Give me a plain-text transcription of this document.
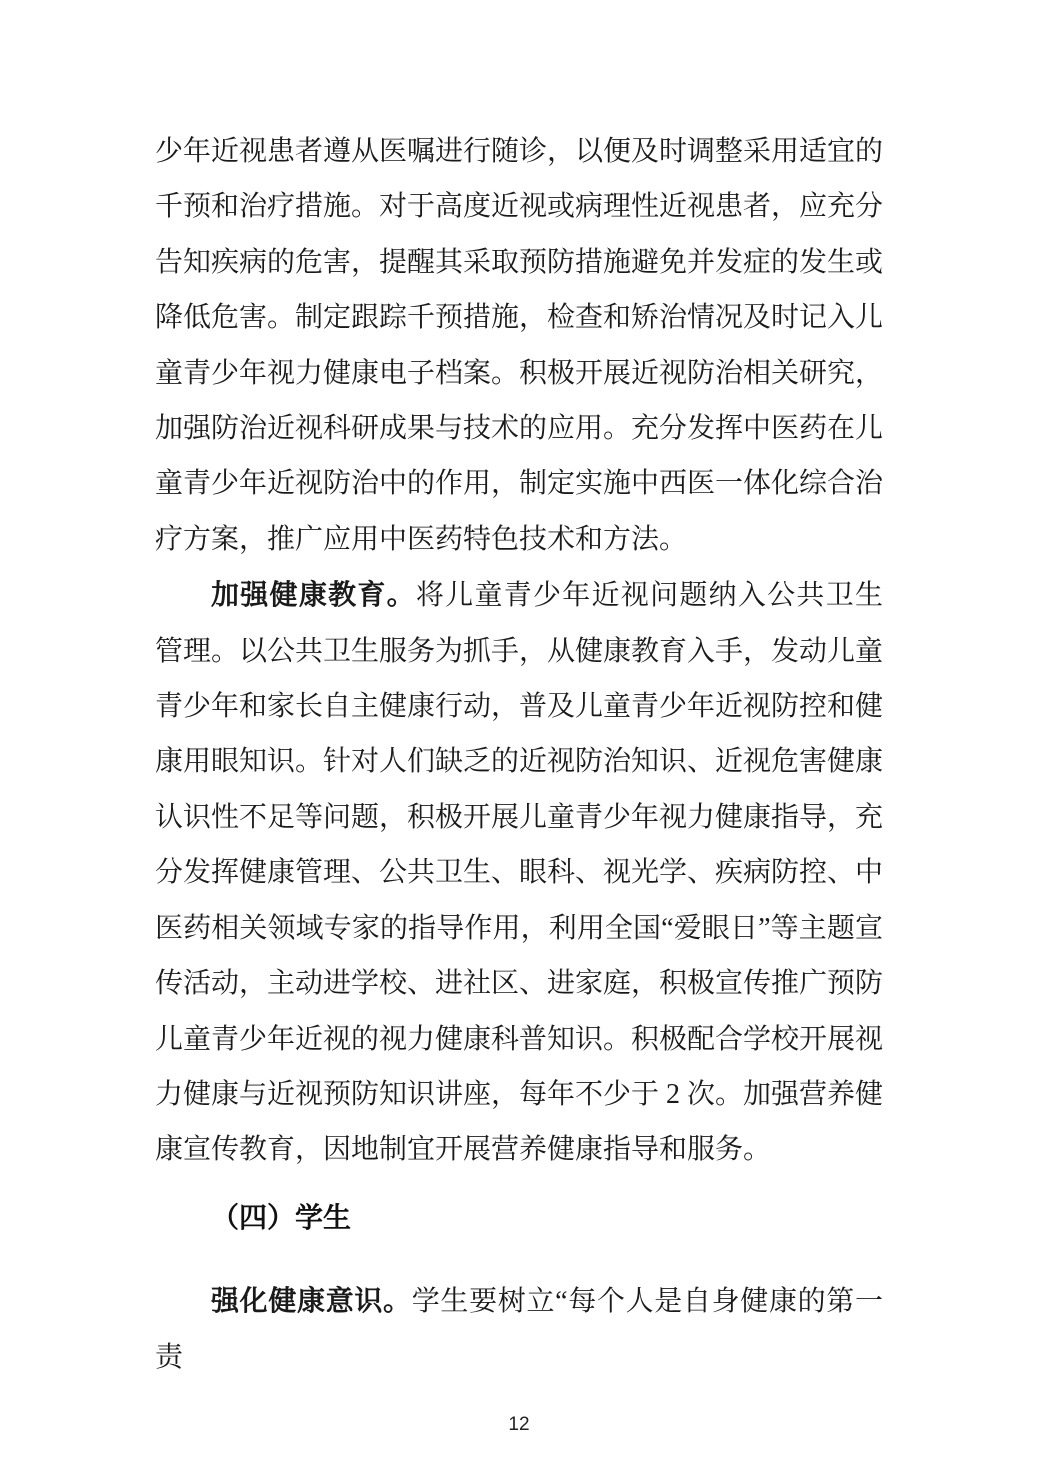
少年近视患者遵从医嘱进行随诊，以便及时调整采用适宜的千预和治疗措施。对于高度近视或病理性近视患者，应充分告知疾病的危害，提醒其采取预防措施避免并发症的发生或降低危害。制定跟踪千预措施，检查和矫治情况及时记入儿童青少年视力健康电子档案。积极开展近视防治相关研究，加强防治近视科研成果与技术的应用。充分发挥中医药在儿童青少年近视防治中的作用，制定实施中西医一体化综合治疗方案，推广应用中医药特色技术和方法。

加强健康教育。将儿童青少年近视问题纳入公共卫生管理。以公共卫生服务为抓手，从健康教育入手，发动儿童青少年和家长自主健康行动，普及儿童青少年近视防控和健康用眼知识。针对人们缺乏的近视防治知识、近视危害健康认识性不足等问题，积极开展儿童青少年视力健康指导，充分发挥健康管理、公共卫生、眼科、视光学、疾病防控、中医药相关领域专家的指导作用，利用全国“爱眼日”等主题宣传活动，主动进学校、进社区、进家庭，积极宣传推广预防儿童青少年近视的视力健康科普知识。积极配合学校开展视力健康与近视预防知识讲座，每年不少于 2 次。加强营养健康宣传教育，因地制宜开展营养健康指导和服务。

（四）学生

强化健康意识。学生要树立“每个人是自身健康的第一责

12
